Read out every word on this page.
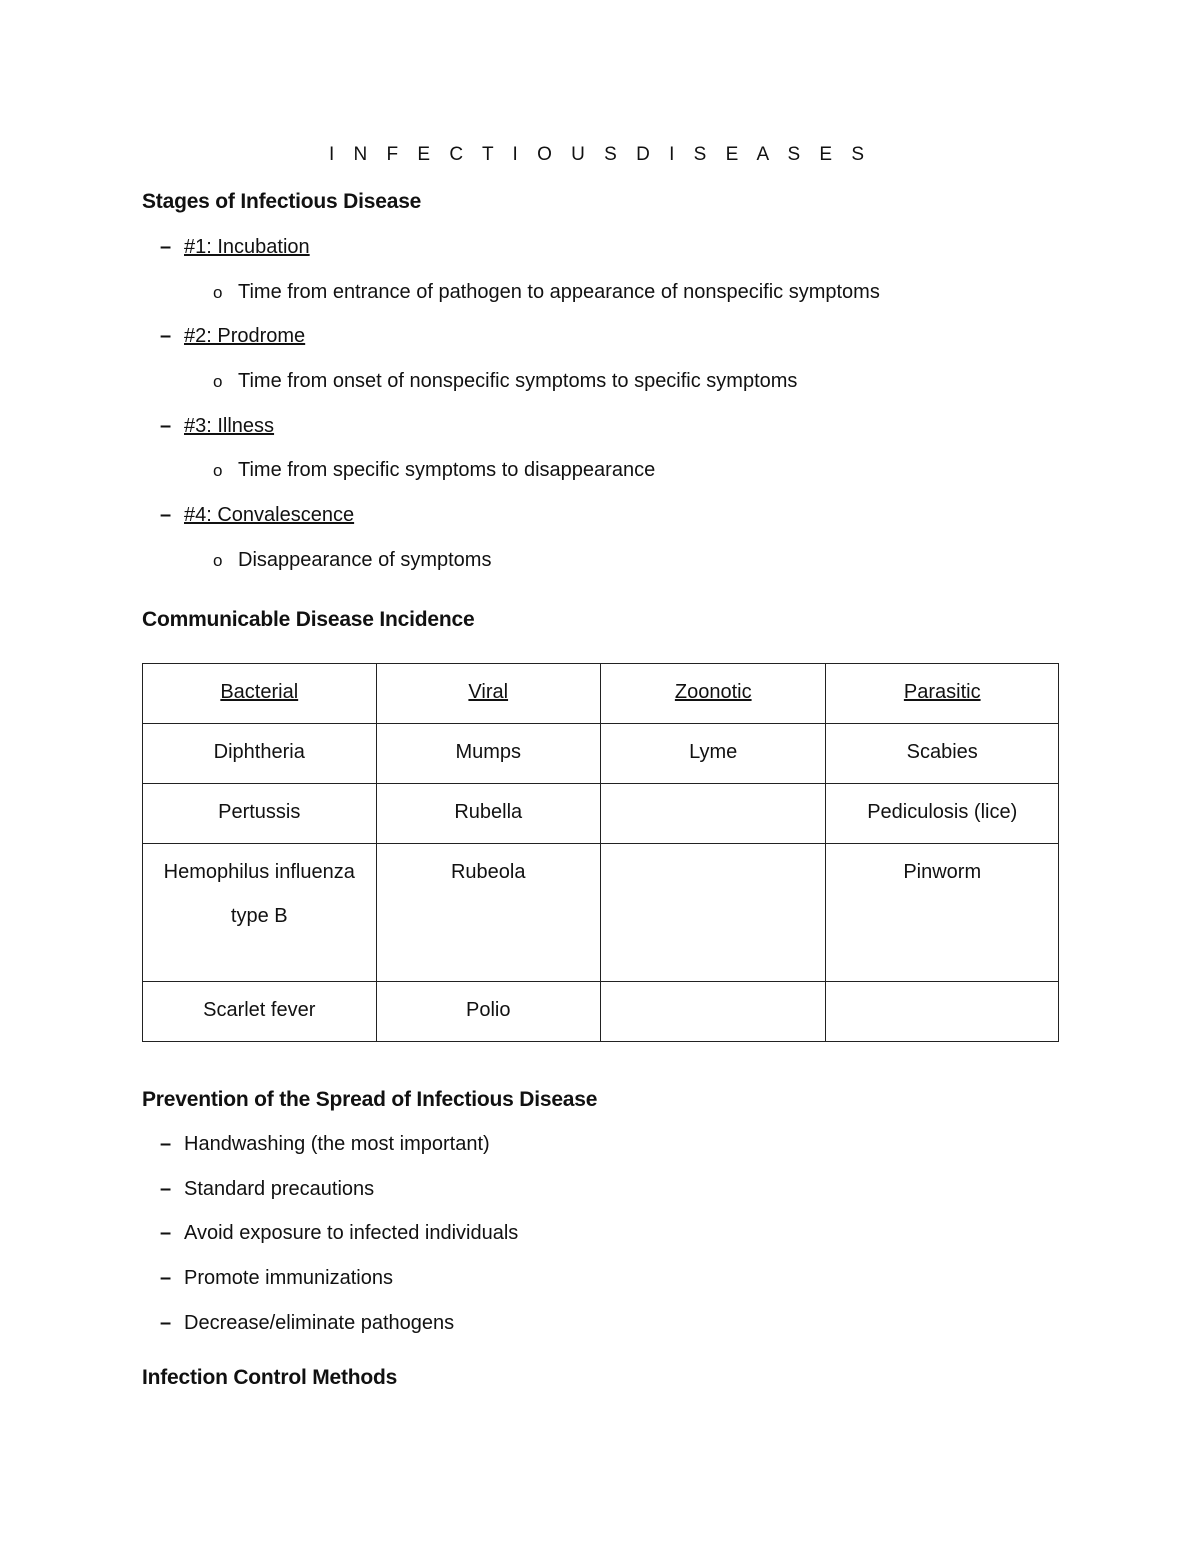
I N F E C T I O U S D I S E A S E S
Stages of Infectious Disease
– #1: Incubation
o Time from entrance of pathogen to appearance of nonspecific symptoms
– #2: Prodrome
o Time from onset of nonspecific symptoms to specific symptoms
– #3: Illness
o Time from specific symptoms to disappearance
– #4: Convalescence
o Disappearance of symptoms
Communicable Disease Incidence
Bacterial	Viral	Zoonotic	Parasitic
Diphtheria	Mumps	Lyme	Scabies
Pertussis	Rubella		Pediculosis (lice)
Hemophilus influenza type B	Rubeola		Pinworm
Scarlet fever	Polio		
Prevention of the Spread of Infectious Disease
– Handwashing (the most important)
– Standard precautions
– Avoid exposure to infected individuals
– Promote immunizations
– Decrease/eliminate pathogens
Infection Control Methods
